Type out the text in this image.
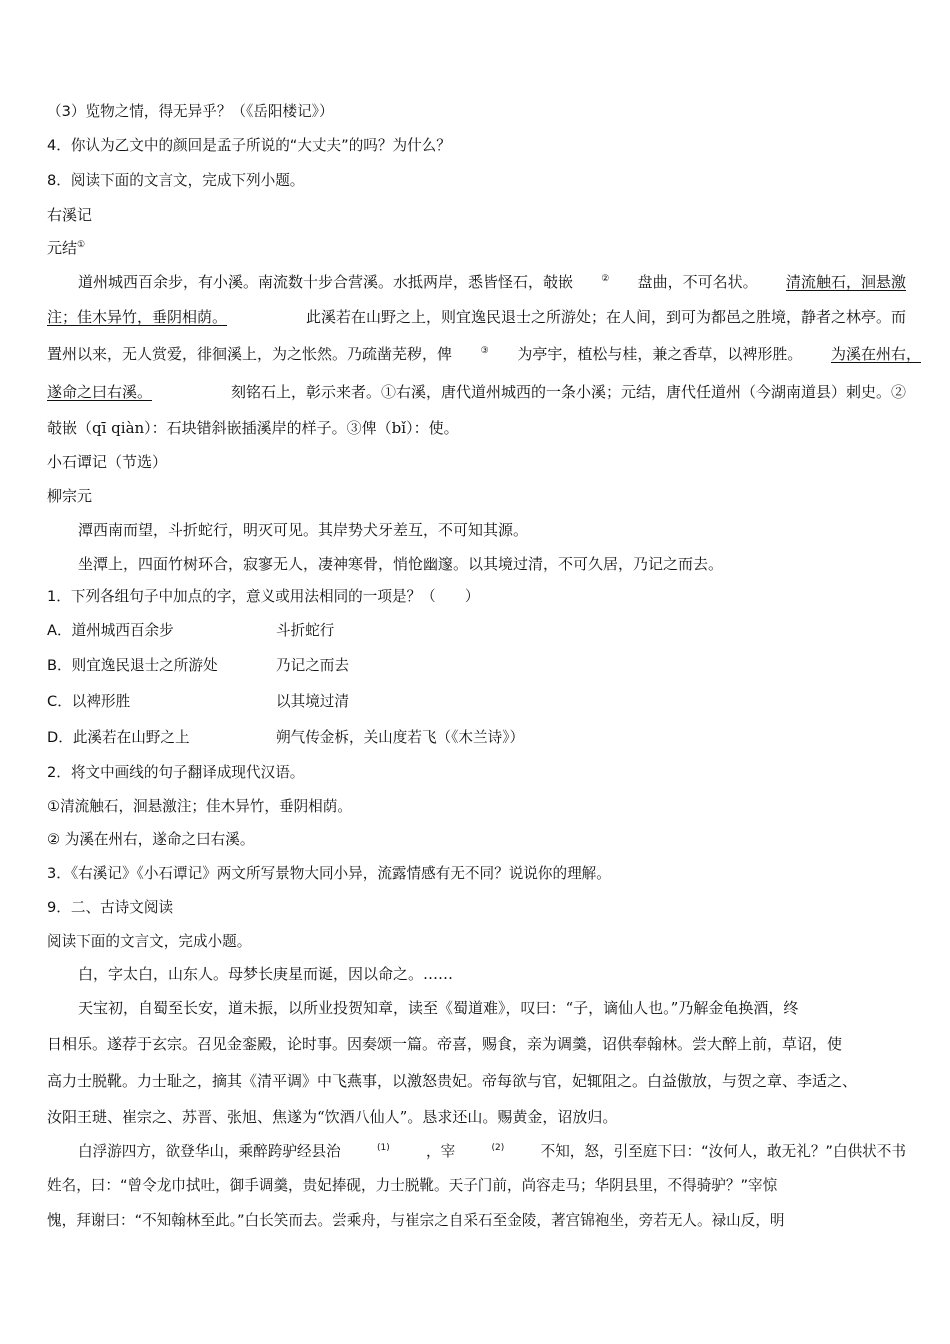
（3）览物之情，得无异乎？（《岳阳楼记》）
4．你认为乙文中的颜回是孟子所说的“大丈夫”的吗？为什么？
8．阅读下面的文言文，完成下列小题。
右溪记
元结①
道州城西百余步，有小溪。南流数十步合营溪。水抵两岸，悉皆怪石，攲嵌	② 盘曲，不可名状。 清流触石，洄悬激
注；佳木异竹，垂阴相荫。	此溪若在山野之上，则宜逸民退士之所游处；在人间，到可为都邑之胜境，静者之林亭。而
置州以来，无人赏爱，徘徊溪上，为之怅然。乃疏凿芜秽，俾	③ 为亭宇，植松与桂，兼之香草，以裨形胜。 为溪在州右，
遂命之曰右溪。	刻铭石上，彰示来者。①右溪，唐代道州城西的一条小溪；元结，唐代任道州（今湖南道县）刺史。②
攲嵌（qī qiàn）：石块错斜嵌插溪岸的样子。③俾（bǐ）：使。
小石谭记（节选）
柳宗元
潭西南而望，斗折蛇行，明灭可见。其岸势犬牙差互，不可知其源。
坐潭上，四面竹树环合，寂寥无人，凄神寒骨，悄怆幽邃。以其境过清，不可久居，乃记之而去。
1．下列各组句子中加点的字，意义或用法相同的一项是？（　　）
A．道州城西百余步	斗折蛇行
B．则宜逸民退士之所游处	乃记之而去
C．以裨形胜	以其境过清
D．此溪若在山野之上	朔气传金柝，关山度若飞（《木兰诗》）
2．将文中画线的句子翻译成现代汉语。
①清流触石，洄悬激注；佳木异竹，垂阴相荫。
② 为溪在州右，遂命之曰右溪。
3．《右溪记》《小石谭记》两文所写景物大同小异，流露情感有无不同？说说你的理解。
9．二、古诗文阅读
阅读下面的文言文，完成小题。
白，字太白，山东人。母梦长庚星而诞，因以命之。……
天宝初，自蜀至长安，道未振，以所业投贺知章，读至《蜀道难》，叹曰：“子，谪仙人也。”乃解金龟换酒，终
日相乐。遂荐于玄宗。召见金銮殿，论时事。因奏颂一篇。帝喜，赐食，亲为调羹，诏供奉翰林。尝大醉上前，草诏，使
高力士脱靴。力士耻之，摘其《清平调》中飞燕事，以激怒贵妃。帝每欲与官，妃辄阻之。白益傲放，与贺之章、李适之、
汝阳王琎、崔宗之、苏晋、张旭、焦遂为“饮酒八仙人”。恳求还山。赐黄金，诏放归。
白浮游四方，欲登华山，乘醉跨驴经县治	$^{(1)}$ ，宰	$^{(2)}$ 不知，怒，引至庭下曰：“汝何人，敢无礼？”白供状不书
姓名，曰：“曾令龙巾拭吐，御手调羹，贵妃捧砚，力士脱靴。天子门前，尚容走马；华阴县里，不得骑驴？”宰惊
愧，拜谢曰：“不知翰林至此。”白长笑而去。尝乘舟，与崔宗之自采石至金陵，著宫锦袍坐，旁若无人。禄山反，明
